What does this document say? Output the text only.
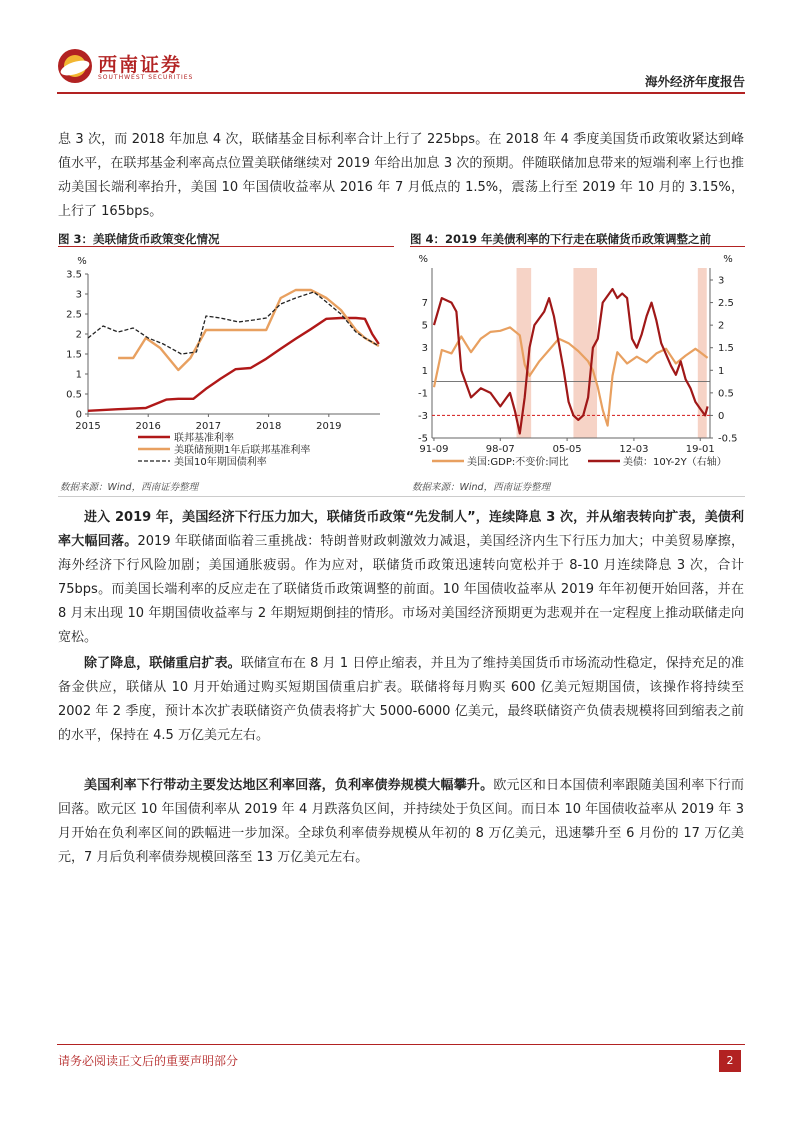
西南证券
SOUTHWEST SECURITIES	海外经济年度报告
息 3 次，而 2018 年加息 4 次，联储基金目标利率合计上行了 225bps。在 2018 年 4 季度美国货币政策收紧达到峰值水平，在联邦基金利率高点位置美联储继续对 2019 年给出加息 3 次的预期。伴随联储加息带来的短端利率上行也推动美国长端利率抬升，美国 10 年国债收益率从 2016 年 7 月低点的 1.5%，震荡上行至 2019 年 10 月的 3.15%，上行了 165bps。
图 3：美联储货币政策变化情况
%
0
0.5
1
1.5
2
2.5
3
3.5
2015	2016	2017	2018	2019
联邦基准利率
美联储预期1年后联邦基准利率
美国10年期国债利率
数据来源：Wind，西南证券整理
图 4：2019 年美债利率的下行走在联储货币政策调整之前
%	%
-5
-3
-1
1
3
5
7
-0.5
0
0.5
1
1.5
2
2.5
3
91-09	98-07	05-05	12-03	19-01
美国:GDP:不变价:同比	美债：10Y-2Y（右轴）
数据来源：Wind，西南证券整理
进入 2019 年，美国经济下行压力加大，联储货币政策“先发制人”，连续降息 3 次，并从缩表转向扩表，美债利率大幅回落。2019 年联储面临着三重挑战：特朗普财政刺激效力减退，美国经济内生下行压力加大；中美贸易摩擦，海外经济下行风险加剧；美国通胀疲弱。作为应对，联储货币政策迅速转向宽松并于 8-10 月连续降息 3 次，合计 75bps。而美国长端利率的反应走在了联储货币政策调整的前面。10 年国债收益率从 2019 年年初便开始回落，并在 8 月末出现 10 年期国债收益率与 2 年期短期倒挂的情形。市场对美国经济预期更为悲观并在一定程度上推动联储走向宽松。
除了降息，联储重启扩表。联储宣布在 8 月 1 日停止缩表，并且为了维持美国货币市场流动性稳定，保持充足的准备金供应，联储从 10 月开始通过购买短期国债重启扩表。联储将每月购买 600 亿美元短期国债，该操作将持续至 2002 年 2 季度，预计本次扩表联储资产负债表将扩大 5000-6000 亿美元，最终联储资产负债表规模将回到缩表之前的水平，保持在 4.5 万亿美元左右。
美国利率下行带动主要发达地区利率回落，负利率债券规模大幅攀升。欧元区和日本国债利率跟随美国利率下行而回落。欧元区 10 年国债利率从 2019 年 4 月跌落负区间，并持续处于负区间。而日本 10 年国债收益率从 2019 年 3 月开始在负利率区间的跌幅进一步加深。全球负利率债券规模从年初的 8 万亿美元，迅速攀升至 6 月份的 17 万亿美元，7 月后负利率债券规模回落至 13 万亿美元左右。
请务必阅读正文后的重要声明部分	2
